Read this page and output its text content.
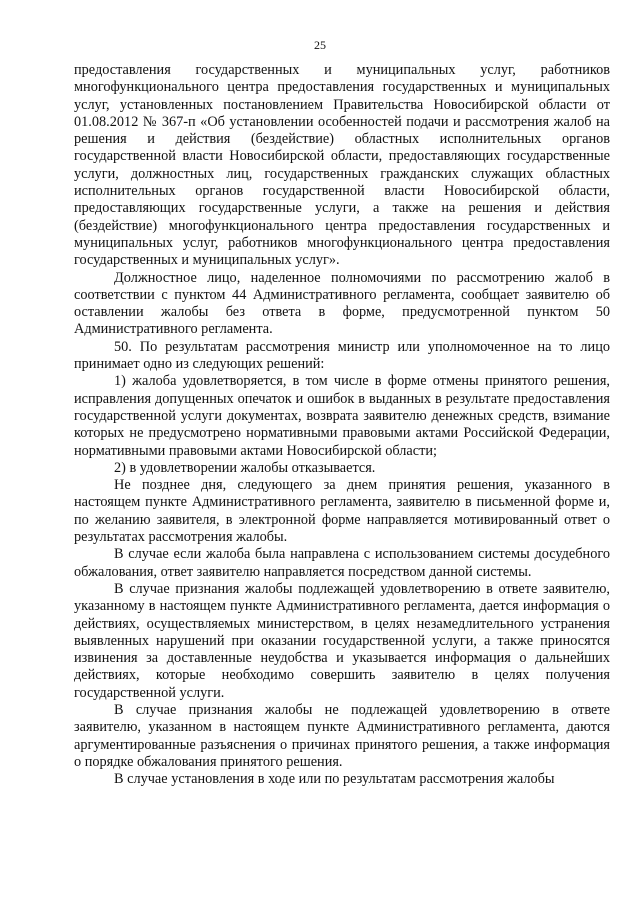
25

предоставления государственных и муниципальных услуг, работников многофункционального центра предоставления государственных и муниципальных услуг, установленных постановлением Правительства Новосибирской области от 01.08.2012 № 367-п «Об установлении особенностей подачи и рассмотрения жалоб на решения и действия (бездействие) областных исполнительных органов государственной власти Новосибирской области, предоставляющих государственные услуги, должностных лиц, государственных гражданских служащих областных исполнительных органов государственной власти Новосибирской области, предоставляющих государственные услуги, а также на решения и действия (бездействие) многофункционального центра предоставления государственных и муниципальных услуг, работников многофункционального центра предоставления государственных и муниципальных услуг».

Должностное лицо, наделенное полномочиями по рассмотрению жалоб в соответствии с пунктом 44 Административного регламента, сообщает заявителю об оставлении жалобы без ответа в форме, предусмотренной пунктом 50 Административного регламента.

50. По результатам рассмотрения министр или уполномоченное на то лицо принимает одно из следующих решений:

1) жалоба удовлетворяется, в том числе в форме отмены принятого решения, исправления допущенных опечаток и ошибок в выданных в результате предоставления государственной услуги документах, возврата заявителю денежных средств, взимание которых не предусмотрено нормативными правовыми актами Российской Федерации, нормативными правовыми актами Новосибирской области;

2) в удовлетворении жалобы отказывается.

Не позднее дня, следующего за днем принятия решения, указанного в настоящем пункте Административного регламента, заявителю в письменной форме и, по желанию заявителя, в электронной форме направляется мотивированный ответ о результатах рассмотрения жалобы.

В случае если жалоба была направлена с использованием системы досудебного обжалования, ответ заявителю направляется посредством данной системы.

В случае признания жалобы подлежащей удовлетворению в ответе заявителю, указанному в настоящем пункте Административного регламента, дается информация о действиях, осуществляемых министерством, в целях незамедлительного устранения выявленных нарушений при оказании государственной услуги, а также приносятся извинения за доставленные неудобства и указывается информация о дальнейших действиях, которые необходимо совершить заявителю в целях получения государственной услуги.

В случае признания жалобы не подлежащей удовлетворению в ответе заявителю, указанном в настоящем пункте Административного регламента, даются аргументированные разъяснения о причинах принятого решения, а также информация о порядке обжалования принятого решения.

В случае установления в ходе или по результатам рассмотрения жалобы
